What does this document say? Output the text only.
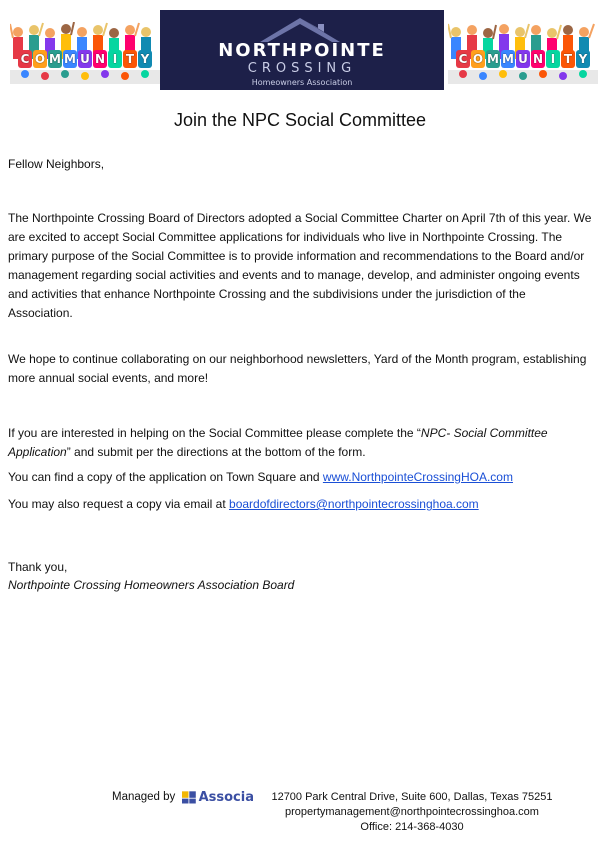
C O M M U N I T Y	NORTHPOINTE
CROSSING
Homeowners Association
C O M M U N I T Y
Join the NPC Social Committee

Fellow Neighbors,

The Northpointe Crossing Board of Directors adopted a Social Committee Charter on April 7th of this year. We are excited to accept Social Committee applications for individuals who live in Northpointe Crossing. The primary purpose of the Social Committee is to provide information and recommendations to the Board and/or management regarding social activities and events and to manage, develop, and administer ongoing events and activities that enhance Northpointe Crossing and the subdivisions under the jurisdiction of the Association.

We hope to continue collaborating on our neighborhood newsletters, Yard of the Month program, establishing more annual social events, and more!

If you are interested in helping on the Social Committee please complete the “NPC- Social Committee Application” and submit per the directions at the bottom of the form.

You can find a copy of the application on Town Square and www.NorthpointeCrossingHOA.com

You may also request a copy via email at boardofdirectors@northpointecrossinghoa.com

Thank you,

Northpointe Crossing Homeowners Association Board

Managed by Associa	12700 Park Central Drive, Suite 600, Dallas, Texas 75251
propertymanagement@northpointecrossinghoa.com
Office: 214-368-4030
